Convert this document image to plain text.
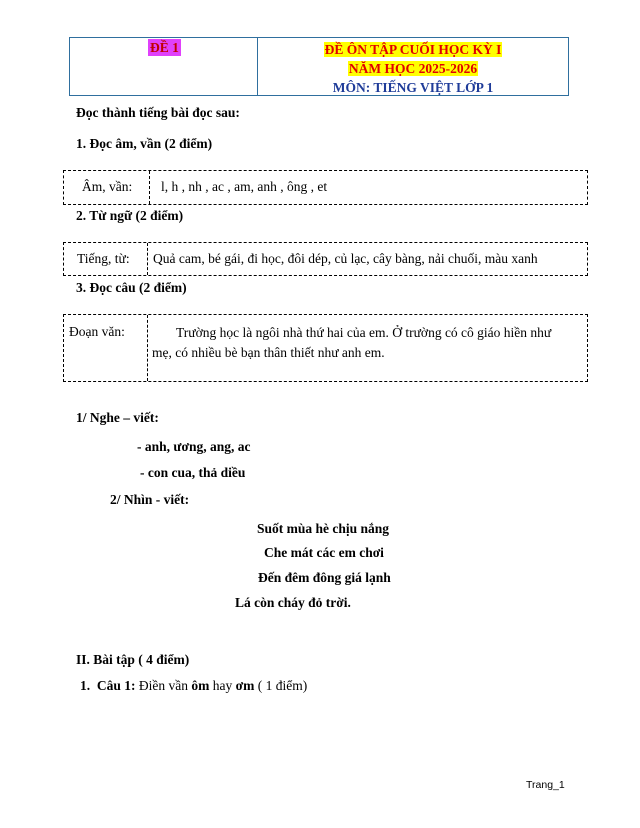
ĐỀ 1	ĐỀ ÔN TẬP CUỐI HỌC KỲ I
NĂM HỌC 2025-2026
MÔN: TIẾNG VIỆT LỚP 1
Đọc thành tiếng bài đọc sau:
1. Đọc âm, vần (2 điểm)
Âm, vần:	l, h , nh , ac , am, anh , ông , et
2. Từ ngữ (2 điểm)
Tiếng, từ:	Quả cam, bé gái, đi học, đôi dép, củ lạc, cây bàng, nải chuối, màu xanh
3. Đọc câu (2 điểm)
Đoạn văn:	Trường học là ngôi nhà thứ hai của em. Ở trường có cô giáo hiền như
mẹ, có nhiều bè bạn thân thiết như anh em.
1/ Nghe – viết:
- anh, ương, ang, ac
- con cua, thả diều
2/ Nhìn - viết:
Suốt mùa hè chịu nắng
Che mát các em chơi
Đến đêm đông giá lạnh
Lá còn cháy đỏ trời.
II. Bài tập ( 4 điểm)
1. Câu 1: Điền vần ôm hay ơm ( 1 điểm)
Trang_1
